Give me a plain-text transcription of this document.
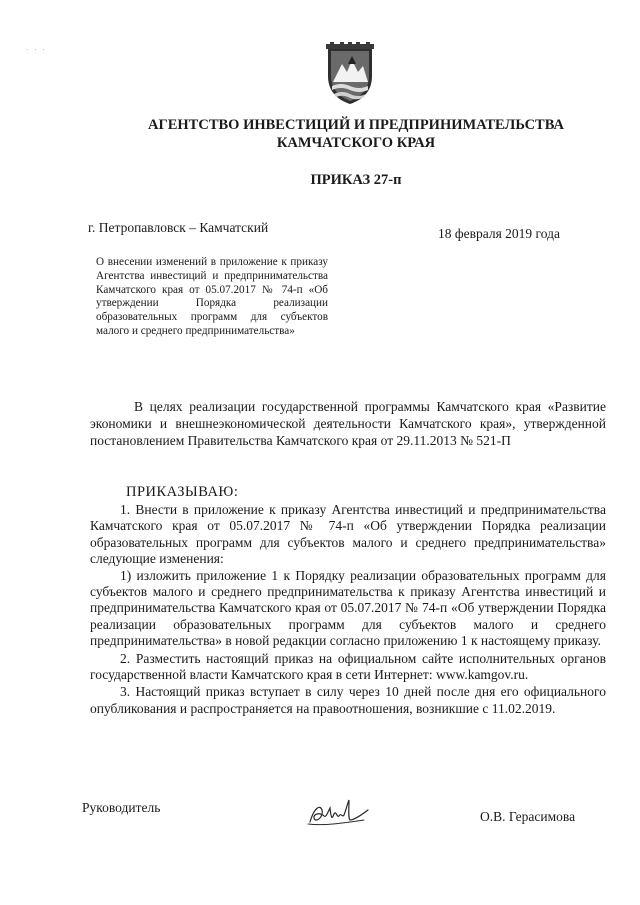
· · ·
АГЕНТСТВО ИНВЕСТИЦИЙ И ПРЕДПРИНИМАТЕЛЬСТВА
КАМЧАТСКОГО КРАЯ
ПРИКАЗ 27-п
г. Петропавловск – Камчатский	18 февраля 2019 года
О внесении изменений в приложение к приказу Агентства инвестиций и предпринимательства Камчатского края от 05.07.2017 № 74-п «Об утверждении Порядка реализации образовательных программ для субъектов малого и среднего предпринимательства»
В целях реализации государственной программы Камчатского края «Развитие экономики и внешнеэкономической деятельности Камчатского края», утвержденной постановлением Правительства Камчатского края от 29.11.2013 № 521-П
ПРИКАЗЫВАЮ:

1. Внести в приложение к приказу Агентства инвестиций и предпринимательства Камчатского края от 05.07.2017 № 74-п «Об утверждении Порядка реализации образовательных программ для субъектов малого и среднего предпринимательства» следующие изменения:

1) изложить приложение 1 к Порядку реализации образовательных программ для субъектов малого и среднего предпринимательства к приказу Агентства инвестиций и предпринимательства Камчатского края от 05.07.2017 № 74-п «Об утверждении Порядка реализации образовательных программ для субъектов малого и среднего предпринимательства» в новой редакции согласно приложению 1 к настоящему приказу.

2. Разместить настоящий приказ на официальном сайте исполнительных органов государственной власти Камчатского края в сети Интернет: www.kamgov.ru.

3. Настоящий приказ вступает в силу через 10 дней после дня его официального опубликования и распространяется на правоотношения, возникшие с 11.02.2019.

Руководитель
О.В. Герасимова
